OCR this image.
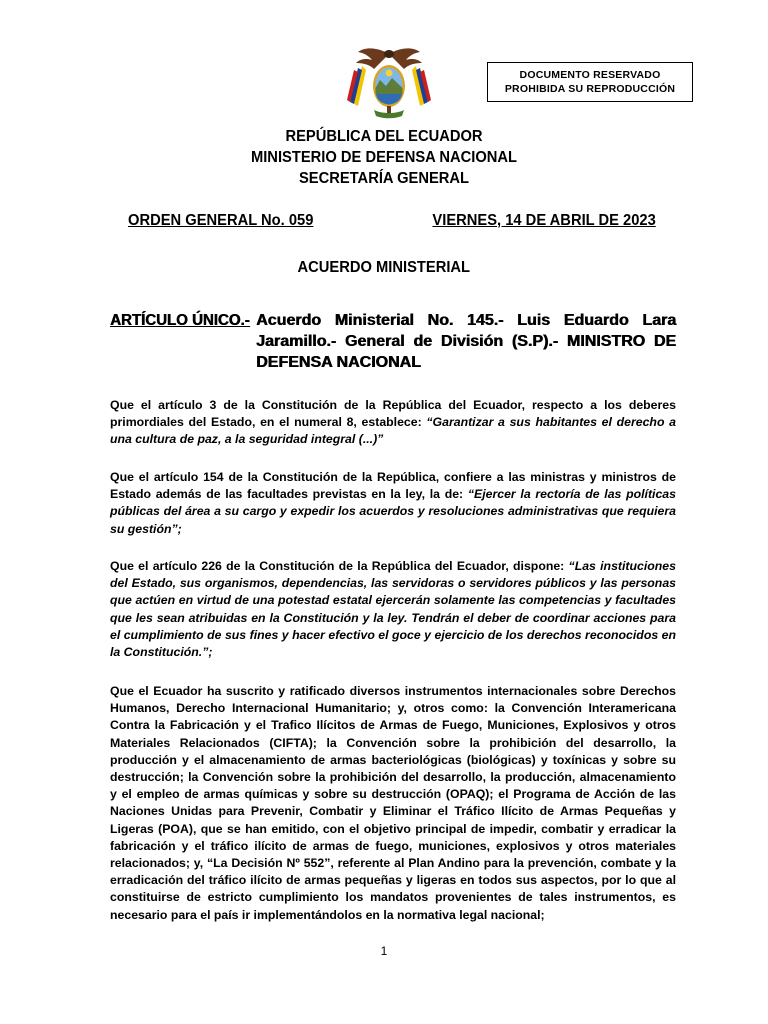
DOCUMENTO RESERVADO
PROHIBIDA SU REPRODUCCIÓN
REPÚBLICA DEL ECUADOR
MINISTERIO DE DEFENSA NACIONAL
SECRETARÍA GENERAL
ORDEN GENERAL No. 059	VIERNES, 14 DE ABRIL DE 2023
ACUERDO MINISTERIAL
ARTÍCULO ÚNICO.- Acuerdo Ministerial No. 145.- Luis Eduardo Lara Jaramillo.- General de División (S.P).- MINISTRO DE DEFENSA NACIONAL
Que el artículo 3 de la Constitución de la República del Ecuador, respecto a los deberes primordiales del Estado, en el numeral 8, establece: “Garantizar a sus habitantes el derecho a una cultura de paz, a la seguridad integral (...)”
Que el artículo 154 de la Constitución de la República, confiere a las ministras y ministros de Estado además de las facultades previstas en la ley, la de: “Ejercer la rectoría de las políticas públicas del área a su cargo y expedir los acuerdos y resoluciones administrativas que requiera su gestión”;
Que el artículo 226 de la Constitución de la República del Ecuador, dispone: “Las instituciones del Estado, sus organismos, dependencias, las servidoras o servidores públicos y las personas que actúen en virtud de una potestad estatal ejercerán solamente las competencias y facultades que les sean atribuidas en la Constitución y la ley. Tendrán el deber de coordinar acciones para el cumplimiento de sus fines y hacer efectivo el goce y ejercicio de los derechos reconocidos en la Constitución.”;
Que el Ecuador ha suscrito y ratificado diversos instrumentos internacionales sobre Derechos Humanos, Derecho Internacional Humanitario; y, otros como: la Convención Interamericana Contra la Fabricación y el Trafico Ilícitos de Armas de Fuego, Municiones, Explosivos y otros Materiales Relacionados (CIFTA); la Convención sobre la prohibición del desarrollo, la producción y el almacenamiento de armas bacteriológicas (biológicas) y toxínicas y sobre su destrucción; la Convención sobre la prohibición del desarrollo, la producción, almacenamiento y el empleo de armas químicas y sobre su destrucción (OPAQ); el Programa de Acción de las Naciones Unidas para Prevenir, Combatir y Eliminar el Tráfico Ilícito de Armas Pequeñas y Ligeras (POA), que se han emitido, con el objetivo principal de impedir, combatir y erradicar la fabricación y el tráfico ilícito de armas de fuego, municiones, explosivos y otros materiales relacionados; y, “La Decisión Nº 552”, referente al Plan Andino para la prevención, combate y la erradicación del tráfico ilícito de armas pequeñas y ligeras en todos sus aspectos, por lo que al constituirse de estricto cumplimiento los mandatos provenientes de tales instrumentos, es necesario para el país ir implementándolos en la normativa legal nacional;
1
